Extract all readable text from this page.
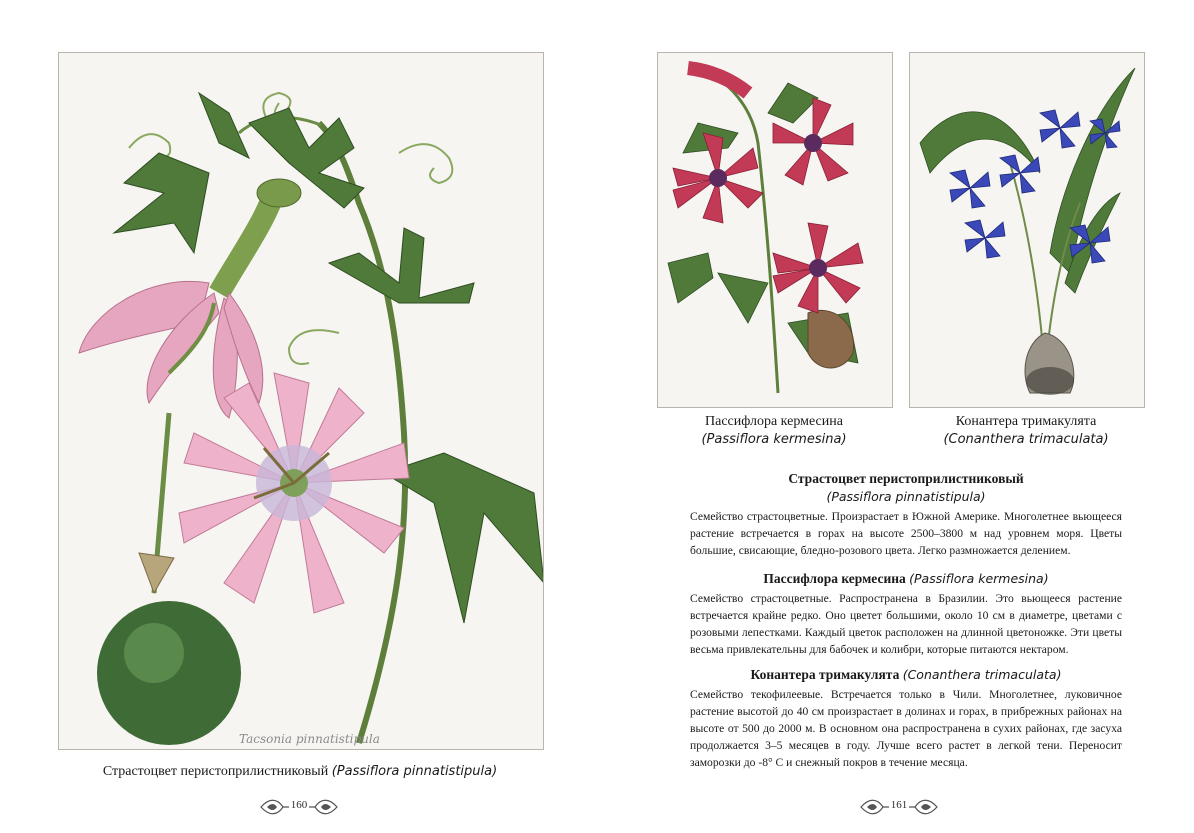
Tacsonia pinnatistipula
Страстоцвет перистоприлистниковый (Passiflora pinnatistipula)
160
Пассифлора кермесина
(Passiflora kermesina)
Конантера тримакулята
(Conanthera trimaculata)

Страстоцвет перистоприлистниковый

(Passiflora pinnatistipula)

Семейство страстоцветные. Произрастает в Южной Америке. Многолетнее вьющееся растение встречается в горах на высоте 2500–3800 м над уровнем моря. Цветы большие, свисающие, бледно-розового цвета. Легко размножается делением.

Пассифлора кермесина (Passiflora kermesina)

Семейство страстоцветные. Распространена в Бразилии. Это вьющееся растение встречается крайне редко. Оно цветет большими, около 10 см в диаметре, цветами с розовыми лепестками. Каждый цветок расположен на длинной цветоножке. Эти цветы весьма привлекательны для бабочек и колибри, которые питаются нектаром.

Конантера тримакулята (Conanthera trimaculata)

Семейство текофилеевые. Встречается только в Чили. Многолетнее, луковичное растение высотой до 40 см произрастает в долинах и горах, в прибрежных районах на высоте от 500 до 2000 м. В основном она распространена в сухих районах, где засуха продолжается 3–5 месяцев в году. Лучше всего растет в легкой тени. Переносит заморозки до -8° С и снежный покров в течение месяца.

161
